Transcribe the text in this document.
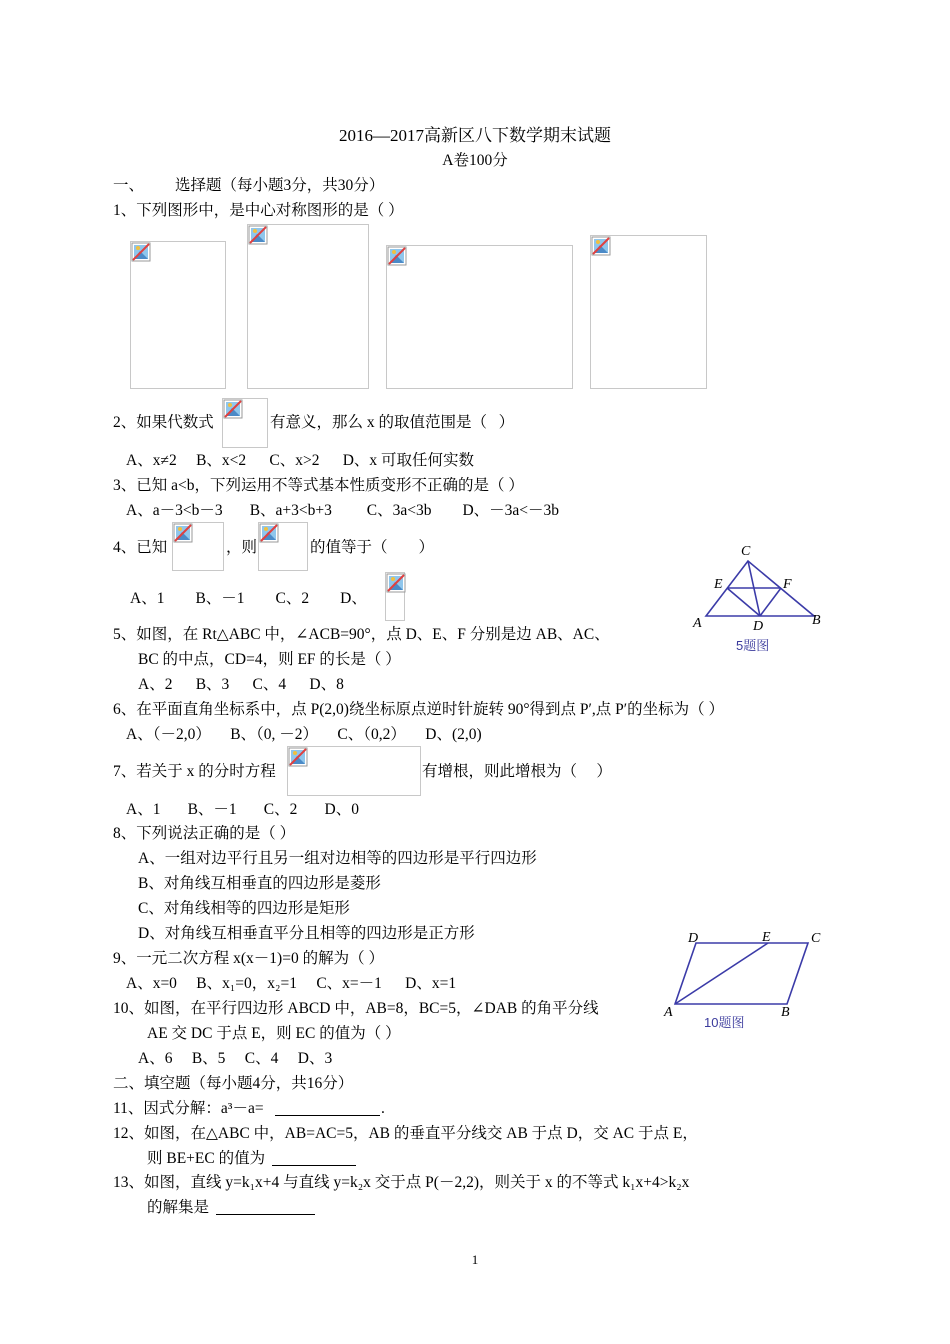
2016—2017高新区八下数学期末试题
A卷100分
一、        选择题（每小题3分，共30分）
1、下列图形中，是中心对称图形的是（ ）
2、如果代数式	有意义，那么 x 的取值范围是（   ）
A、x≠2     B、x<2      C、x>2      D、x 可取任何实数
3、已知 a<b，下列运用不等式基本性质变形不正确的是（ ）
A、a－3<b－3       B、a+3<b+3         C、3a<3b        D、－3a<－3b
4、已知	，则	的值等于（        ）
A、1        B、－1        C、2        D、
C
E	F
A	D	B
5题图
5、如图，在 Rt△ABC 中，∠ACB=90°，点 D、E、F 分别是边 AB、AC、
BC 的中点，CD=4，则 EF 的长是（ ）
A、2      B、3      C、4      D、8
6、在平面直角坐标系中，点 P(2,0)绕坐标原点逆时针旋转 90°得到点 P′,点 P′的坐标为（ ）
A、（－2,0）     B、（0, －2）     C、（0,2）     D、(2,0)
7、若关于 x 的分时方程	有增根，则此增根为（     ）
A、1       B、－1       C、2       D、0
8、下列说法正确的是（ ）
A、一组对边平行且另一组对边相等的四边形是平行四边形
B、对角线互相垂直的四边形是菱形
C、对角线相等的四边形是矩形
D、对角线互相垂直平分且相等的四边形是正方形	D	E	C
A	B
10题图
9、一元二次方程 x(x－1)=0 的解为（ ）
A、x=0     B、x₁=0，x₂=1     C、x=－1      D、x=1
10、如图，在平行四边形 ABCD 中，AB=8，BC=5，∠DAB 的角平分线
AE 交 DC 于点 E，则 EC 的值为（ ）
A、6     B、5     C、4     D、3
二、填空题（每小题4分，共16分）
11、因式分解：a³－a=	.
12、如图，在△ABC 中，AB=AC=5，AB 的垂直平分线交 AB 于点 D，交 AC 于点 E，
则 BE+EC 的值为
13、如图，直线 y=k₁x+4 与直线 y=k₂x 交于点 P(－2,2)，则关于 x 的不等式 k₁x+4>k₂x
的解集是
1
